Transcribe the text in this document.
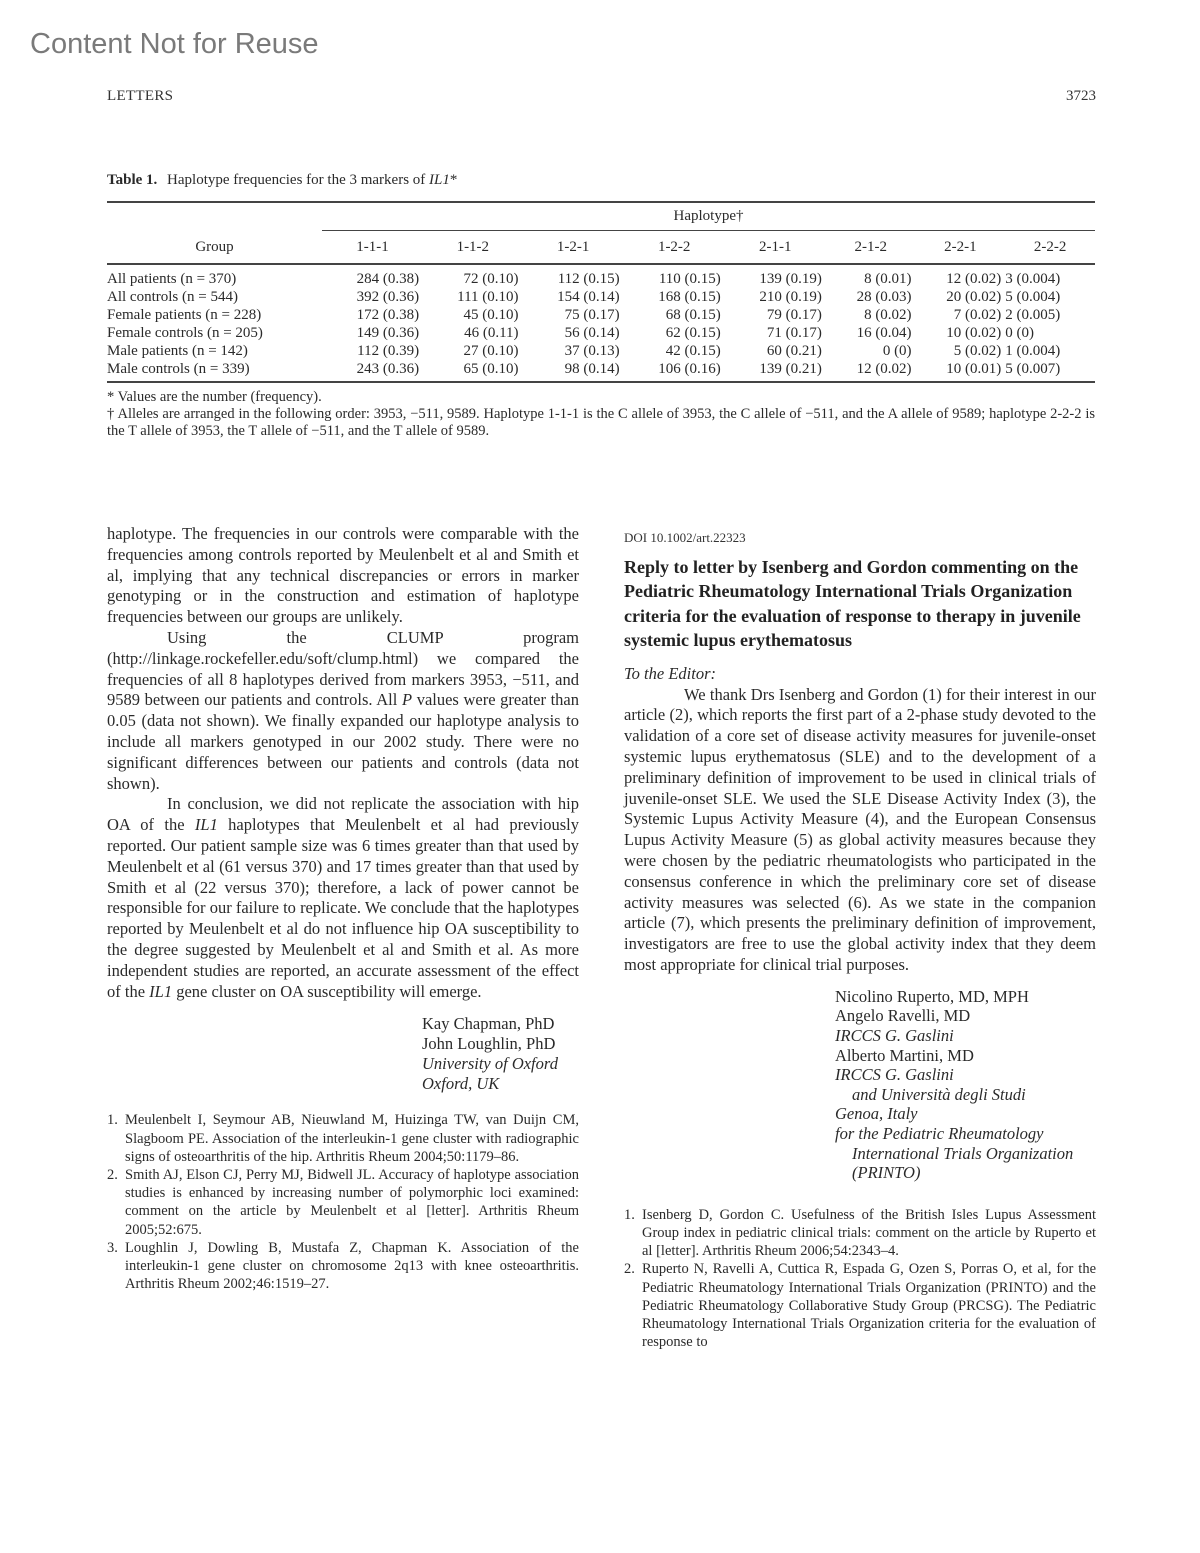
Content Not for Reuse
LETTERS	3723
Table 1. Haplotype frequencies for the 3 markers of IL1*

	Haplotype†							
Group	1-1-1	1-1-2	1-2-1	1-2-2	2-1-1	2-1-2	2-2-1	2-2-2
All patients (n = 370)	284 (0.38)	72 (0.10)	112 (0.15)	110 (0.15)	139 (0.19)	8 (0.01)	12 (0.02)	3 (0.004)
All controls (n = 544)	392 (0.36)	111 (0.10)	154 (0.14)	168 (0.15)	210 (0.19)	28 (0.03)	20 (0.02)	5 (0.004)
Female patients (n = 228)	172 (0.38)	45 (0.10)	75 (0.17)	68 (0.15)	79 (0.17)	8 (0.02)	7 (0.02)	2 (0.005)
Female controls (n = 205)	149 (0.36)	46 (0.11)	56 (0.14)	62 (0.15)	71 (0.17)	16 (0.04)	10 (0.02)	0 (0)
Male patients (n = 142)	112 (0.39)	27 (0.10)	37 (0.13)	42 (0.15)	60 (0.21)	0 (0)	5 (0.02)	1 (0.004)
Male controls (n = 339)	243 (0.36)	65 (0.10)	98 (0.14)	106 (0.16)	139 (0.21)	12 (0.02)	10 (0.01)	5 (0.007)
* Values are the number (frequency).
† Alleles are arranged in the following order: 3953, −511, 9589. Haplotype 1-1-1 is the C allele of 3953, the C allele of −511, and the A allele of 9589; haplotype 2-2-2 is the T allele of 3953, the T allele of −511, and the T allele of 9589.

haplotype. The frequencies in our controls were comparable with the frequencies among controls reported by Meulenbelt et al and Smith et al, implying that any technical discrepancies or errors in marker genotyping or in the construction and estimation of haplotype frequencies between our groups are unlikely.

Using the CLUMP program (http://linkage.rockefeller.edu/soft/clump.html) we compared the frequencies of all 8 haplotypes derived from markers 3953, −511, and 9589 between our patients and controls. All P values were greater than 0.05 (data not shown). We finally expanded our haplotype analysis to include all markers genotyped in our 2002 study. There were no significant differences between our patients and controls (data not shown).

In conclusion, we did not replicate the association with hip OA of the IL1 haplotypes that Meulenbelt et al had previously reported. Our patient sample size was 6 times greater than that used by Meulenbelt et al (61 versus 370) and 17 times greater than that used by Smith et al (22 versus 370); therefore, a lack of power cannot be responsible for our failure to replicate. We conclude that the haplotypes reported by Meulenbelt et al do not influence hip OA susceptibility to the degree suggested by Meulenbelt et al and Smith et al. As more independent studies are reported, an accurate assessment of the effect of the IL1 gene cluster on OA susceptibility will emerge.

Kay Chapman, PhD
John Loughlin, PhD
University of Oxford
Oxford, UK
1. Meulenbelt I, Seymour AB, Nieuwland M, Huizinga TW, van Duijn CM, Slagboom PE. Association of the interleukin-1 gene cluster with radiographic signs of osteoarthritis of the hip. Arthritis Rheum 2004;50:1179–86.
2. Smith AJ, Elson CJ, Perry MJ, Bidwell JL. Accuracy of haplotype association studies is enhanced by increasing number of polymorphic loci examined: comment on the article by Meulenbelt et al [letter]. Arthritis Rheum 2005;52:675.
3. Loughlin J, Dowling B, Mustafa Z, Chapman K. Association of the interleukin-1 gene cluster on chromosome 2q13 with knee osteoarthritis. Arthritis Rheum 2002;46:1519–27.
DOI 10.1002/art.22323
Reply to letter by Isenberg and Gordon commenting on the Pediatric Rheumatology International Trials Organization criteria for the evaluation of response to therapy in juvenile systemic lupus erythematosus
To the Editor:

We thank Drs Isenberg and Gordon (1) for their interest in our article (2), which reports the first part of a 2-phase study devoted to the validation of a core set of disease activity measures for juvenile-onset systemic lupus erythematosus (SLE) and to the development of a preliminary definition of improvement to be used in clinical trials of juvenile-onset SLE. We used the SLE Disease Activity Index (3), the Systemic Lupus Activity Measure (4), and the European Consensus Lupus Activity Measure (5) as global activity measures because they were chosen by the pediatric rheumatologists who participated in the consensus conference in which the preliminary core set of disease activity measures was selected (6). As we state in the companion article (7), which presents the preliminary definition of improvement, investigators are free to use the global activity index that they deem most appropriate for clinical trial purposes.

Nicolino Ruperto, MD, MPH
Angelo Ravelli, MD
IRCCS G. Gaslini
Alberto Martini, MD
IRCCS G. Gaslini
and Università degli Studi
Genoa, Italy
for the Pediatric Rheumatology
International Trials Organization
(PRINTO)
1. Isenberg D, Gordon C. Usefulness of the British Isles Lupus Assessment Group index in pediatric clinical trials: comment on the article by Ruperto et al [letter]. Arthritis Rheum 2006;54:2343–4.
2. Ruperto N, Ravelli A, Cuttica R, Espada G, Ozen S, Porras O, et al, for the Pediatric Rheumatology International Trials Organization (PRINTO) and the Pediatric Rheumatology Collaborative Study Group (PRCSG). The Pediatric Rheumatology International Trials Organization criteria for the evaluation of response to
